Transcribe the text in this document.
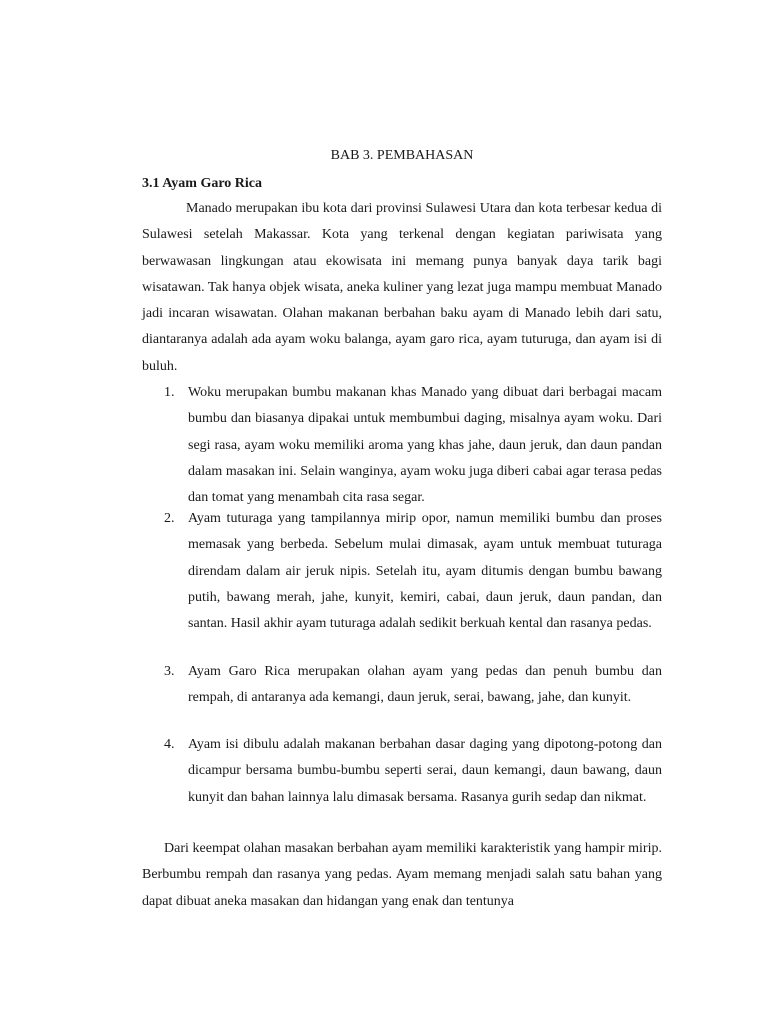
BAB 3. PEMBAHASAN
3.1 Ayam Garo Rica

Manado merupakan ibu kota dari provinsi Sulawesi Utara dan kota terbesar kedua di Sulawesi setelah Makassar. Kota yang terkenal dengan kegiatan pariwisata yang berwawasan lingkungan atau ekowisata ini memang punya banyak daya tarik bagi wisatawan. Tak hanya objek wisata, aneka kuliner yang lezat juga mampu membuat Manado jadi incaran wisawatan. Olahan makanan berbahan baku ayam di Manado lebih dari satu, diantaranya adalah ada ayam woku balanga, ayam garo rica, ayam tuturuga, dan ayam isi di buluh.

1. Woku merupakan bumbu makanan khas Manado yang dibuat dari berbagai macam bumbu dan biasanya dipakai untuk membumbui daging, misalnya ayam woku. Dari segi rasa, ayam woku memiliki aroma yang khas jahe, daun jeruk, dan daun pandan dalam masakan ini. Selain wanginya, ayam woku juga diberi cabai agar terasa pedas dan tomat yang menambah cita rasa segar.
2. Ayam tuturaga yang tampilannya mirip opor, namun memiliki bumbu dan proses memasak yang berbeda. Sebelum mulai dimasak, ayam untuk membuat tuturaga direndam dalam air jeruk nipis. Setelah itu, ayam ditumis dengan bumbu bawang putih, bawang merah, jahe, kunyit, kemiri, cabai, daun jeruk, daun pandan, dan santan. Hasil akhir ayam tuturaga adalah sedikit berkuah kental dan rasanya pedas.
3. Ayam Garo Rica merupakan olahan ayam yang pedas dan penuh bumbu dan rempah, di antaranya ada kemangi, daun jeruk, serai, bawang, jahe, dan kunyit.
4. Ayam isi dibulu adalah makanan berbahan dasar daging yang dipotong-potong dan dicampur bersama bumbu-bumbu seperti serai, daun kemangi, daun bawang, daun kunyit dan bahan lainnya lalu dimasak bersama. Rasanya gurih sedap dan nikmat.

Dari keempat olahan masakan berbahan ayam memiliki karakteristik yang hampir mirip. Berbumbu rempah dan rasanya yang pedas. Ayam memang menjadi salah satu bahan yang dapat dibuat aneka masakan dan hidangan yang enak dan tentunya
